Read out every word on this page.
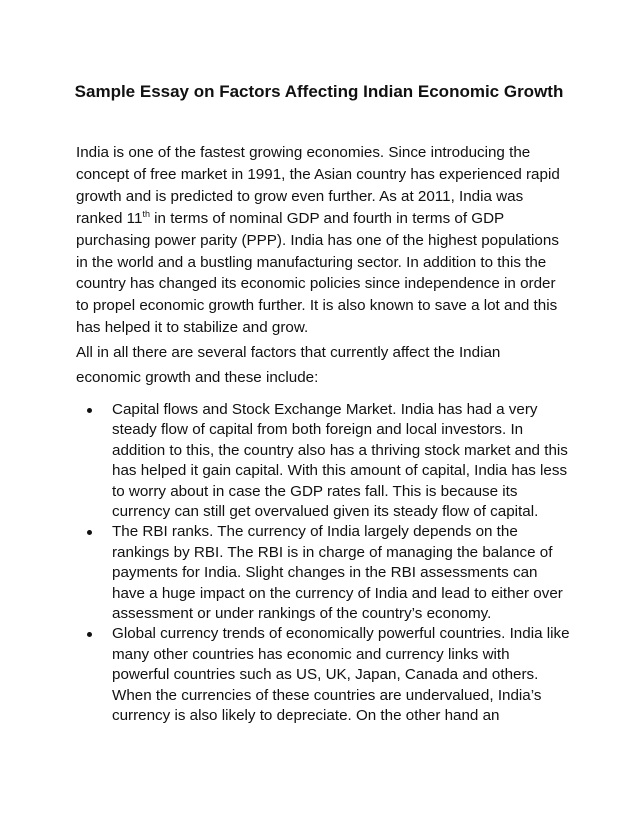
Sample Essay on Factors Affecting Indian Economic Growth

India is one of the fastest growing economies. Since introducing the concept of free market in 1991, the Asian country has experienced rapid growth and is predicted to grow even further. As at 2011, India was ranked 11th in terms of nominal GDP and fourth in terms of GDP purchasing power parity (PPP). India has one of the highest populations in the world and a bustling manufacturing sector. In addition to this the country has changed its economic policies since independence in order to propel economic growth further. It is also known to save a lot and this has helped it to stabilize and grow.

All in all there are several factors that currently affect the Indian economic growth and these include:

Capital flows and Stock Exchange Market. India has had a very steady flow of capital from both foreign and local investors. In addition to this, the country also has a thriving stock market and this has helped it gain capital. With this amount of capital, India has less to worry about in case the GDP rates fall. This is because its currency can still get overvalued given its steady flow of capital.
The RBI ranks. The currency of India largely depends on the rankings by RBI. The RBI is in charge of managing the balance of payments for India. Slight changes in the RBI assessments can have a huge impact on the currency of India and lead to either over assessment or under rankings of the country’s economy.
Global currency trends of economically powerful countries. India like many other countries has economic and currency links with powerful countries such as US, UK, Japan, Canada and others. When the currencies of these countries are undervalued, India’s currency is also likely to depreciate. On the other hand an
